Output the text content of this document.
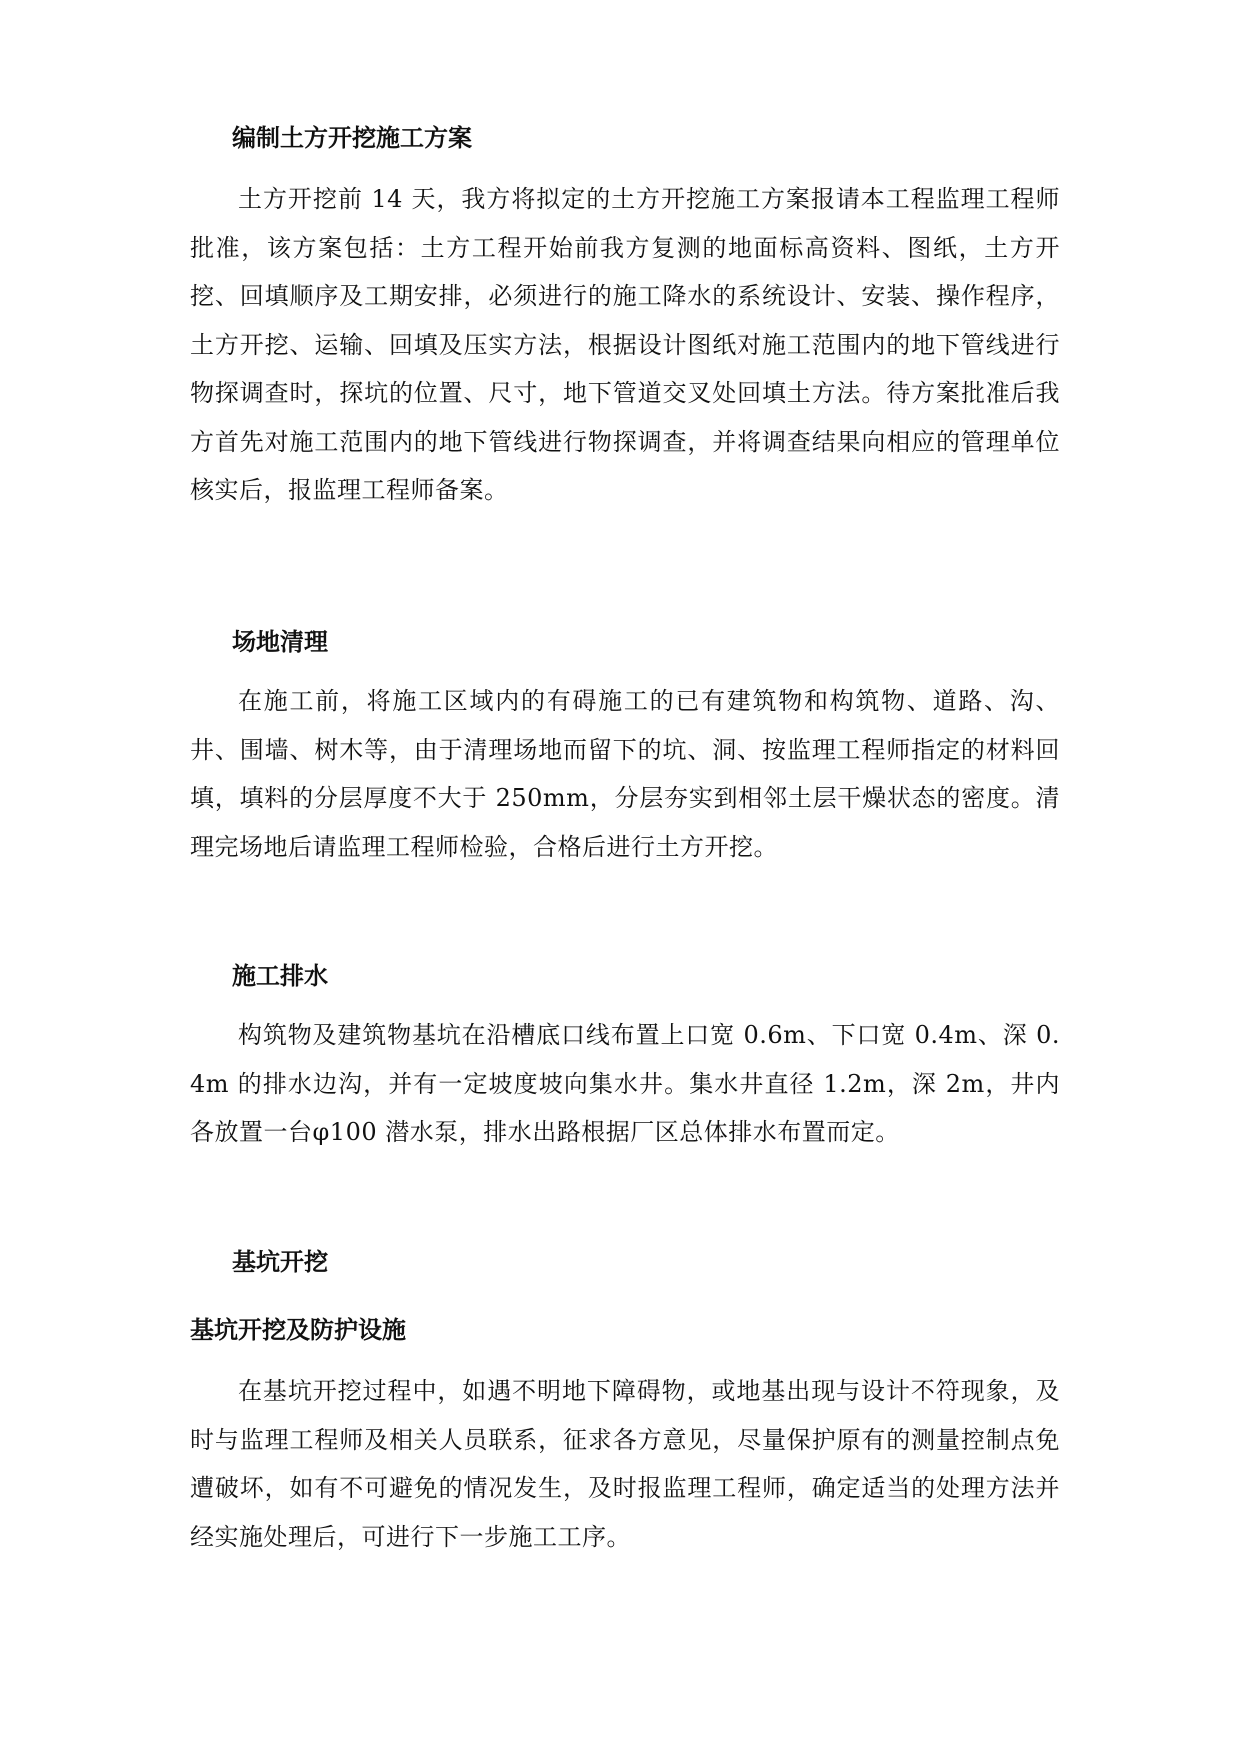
编制土方开挖施工方案

土方开挖前 14 天，我方将拟定的土方开挖施工方案报请本工程监理工程师批准，该方案包括：土方工程开始前我方复测的地面标高资料、图纸，土方开挖、回填顺序及工期安排，必须进行的施工降水的系统设计、安装、操作程序，土方开挖、运输、回填及压实方法，根据设计图纸对施工范围内的地下管线进行物探调查时，探坑的位置、尺寸，地下管道交叉处回填土方法。待方案批准后我方首先对施工范围内的地下管线进行物探调查，并将调查结果向相应的管理单位核实后，报监理工程师备案。

场地清理

在施工前，将施工区域内的有碍施工的已有建筑物和构筑物、道路、沟、井、围墙、树木等，由于清理场地而留下的坑、洞、按监理工程师指定的材料回填，填料的分层厚度不大于 250mm，分层夯实到相邻土层干燥状态的密度。清理完场地后请监理工程师检验，合格后进行土方开挖。

施工排水

构筑物及建筑物基坑在沿槽底口线布置上口宽 0.6m、下口宽 0.4m、深 0.4m 的排水边沟，并有一定坡度坡向集水井。集水井直径 1.2m，深 2m，井内各放置一台φ100 潜水泵，排水出路根据厂区总体排水布置而定。

基坑开挖
基坑开挖及防护设施

在基坑开挖过程中，如遇不明地下障碍物，或地基出现与设计不符现象，及时与监理工程师及相关人员联系，征求各方意见，尽量保护原有的测量控制点免遭破坏，如有不可避免的情况发生，及时报监理工程师，确定适当的处理方法并经实施处理后，可进行下一步施工工序。
